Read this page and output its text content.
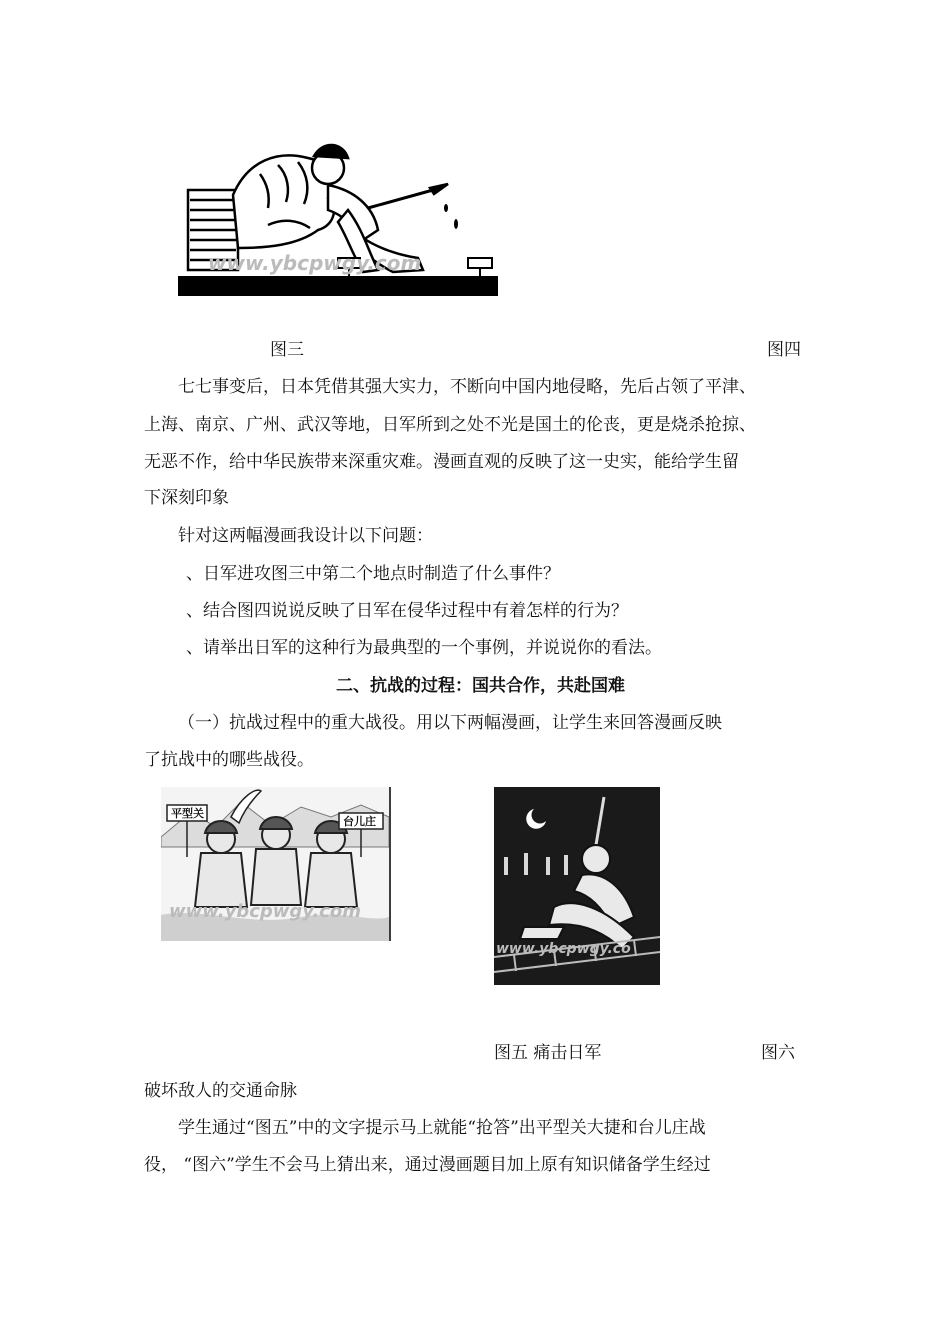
www.ybcpwgy.com
图三	图四
七七事变后，日本凭借其强大实力，不断向中国内地侵略，先后占领了平津、
上海、南京、广州、武汉等地，日军所到之处不光是国土的伦丧，更是烧杀抢掠、
无恶不作，给中华民族带来深重灾难。漫画直观的反映了这一史实，能给学生留
下深刻印象
针对这两幅漫画我设计以下问题：
、日军进攻图三中第二个地点时制造了什么事件？
、结合图四说说反映了日军在侵华过程中有着怎样的行为？
、请举出日军的这种行为最典型的一个事例，并说说你的看法。
二、抗战的过程：国共合作，共赴国难
（一）抗战过程中的重大战役。用以下两幅漫画，让学生来回答漫画反映
了抗战中的哪些战役。
平型关
台儿庄
www.ybcpwgy.com
www.ybcpwgy.co
图五 痛击日军	图六
破坏敌人的交通命脉
学生通过“图五”中的文字提示马上就能“抢答”出平型关大捷和台儿庄战
役， “图六”学生不会马上猜出来，通过漫画题目加上原有知识储备学生经过
